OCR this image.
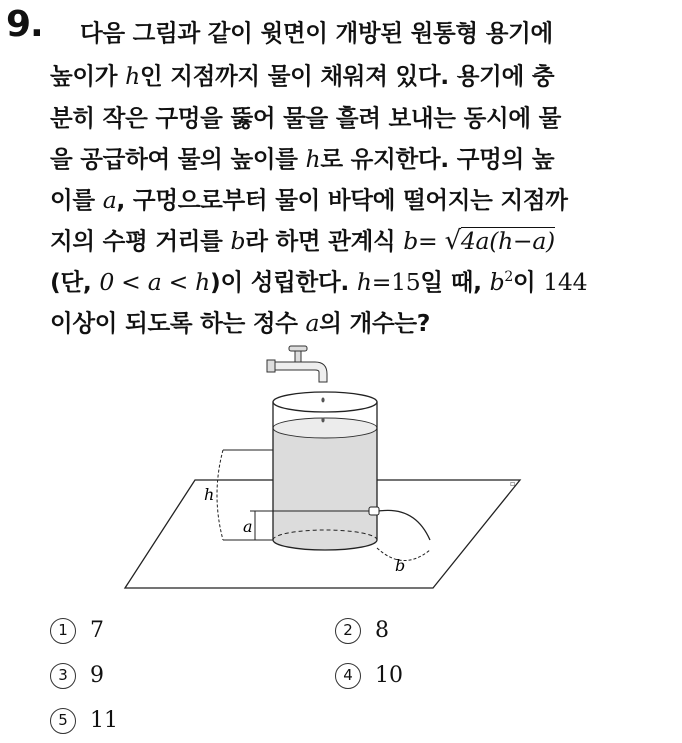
9. 다음 그림과 같이 윗면이 개방된 원통형 용기에
높이가 h인 지점까지 물이 채워져 있다. 용기에 충
분히 작은 구멍을 뚫어 물을 흘려 보내는 동시에 물
을 공급하여 물의 높이를 h로 유지한다. 구멍의 높
이를 a, 구멍으로부터 물이 바닥에 떨어지는 지점까
지의 수평 거리를 b라 하면 관계식 b= √4a(h−a)
(단, 0 < a < h)이 성립한다. h=15일 때, $b^2$이 144
이상이 되도록 하는 정수 a의 개수는?
▫
a
h
b
1 7	2 8
3 9	4 10
5 11
